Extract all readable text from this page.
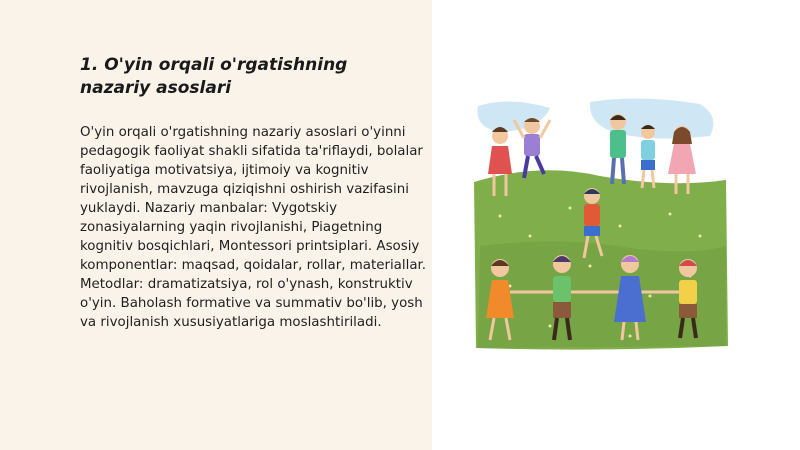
1. O'yin orqali o'rgatishning nazariy asoslari

O'yin orqali o'rgatishning nazariy asoslari o'yinni pedagogik faoliyat shakli sifatida ta'riflaydi, bolalar faoliyatiga motivatsiya, ijtimoiy va kognitiv rivojlanish, mavzuga qiziqishni oshirish vazifasini yuklaydi. Nazariy manbalar: Vygotskiy zonasiyalarning yaqin rivojlanishi, Piagetning kognitiv bosqichlari, Montessori printsiplari. Asosiy komponentlar: maqsad, qoidalar, rollar, materiallar. Metodlar: dramatizatsiya, rol o'ynash, konstruktiv o'yin. Baholash formative va summativ bo'lib, yosh va rivojlanish xususiyatlariga moslashtiriladi.
